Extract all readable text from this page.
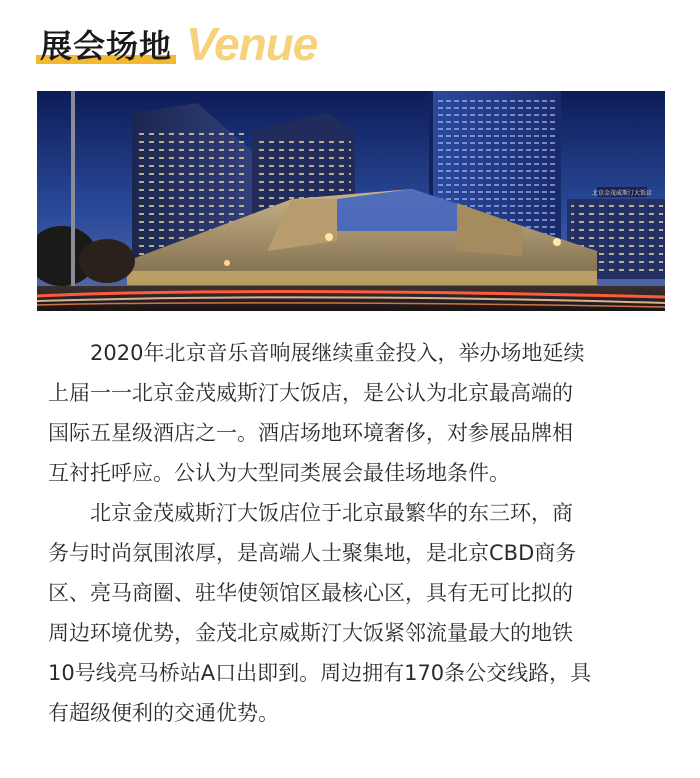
展会场地 Venue
北京金茂威斯汀大饭店

2020年北京音乐音响展继续重金投入，举办场地延续
上届一一北京金茂威斯汀大饭店，是公认为北京最高端的
国际五星级酒店之一。酒店场地环境奢侈，对参展品牌相
互衬托呼应。公认为大型同类展会最佳场地条件。

北京金茂威斯汀大饭店位于北京最繁华的东三环，商
务与时尚氛围浓厚，是高端人士聚集地，是北京CBD商务
区、亮马商圈、驻华使领馆区最核心区，具有无可比拟的
周边环境优势，金茂北京威斯汀大饭紧邻流量最大的地铁
10号线亮马桥站A口出即到。周边拥有170条公交线路，具
有超级便利的交通优势。
